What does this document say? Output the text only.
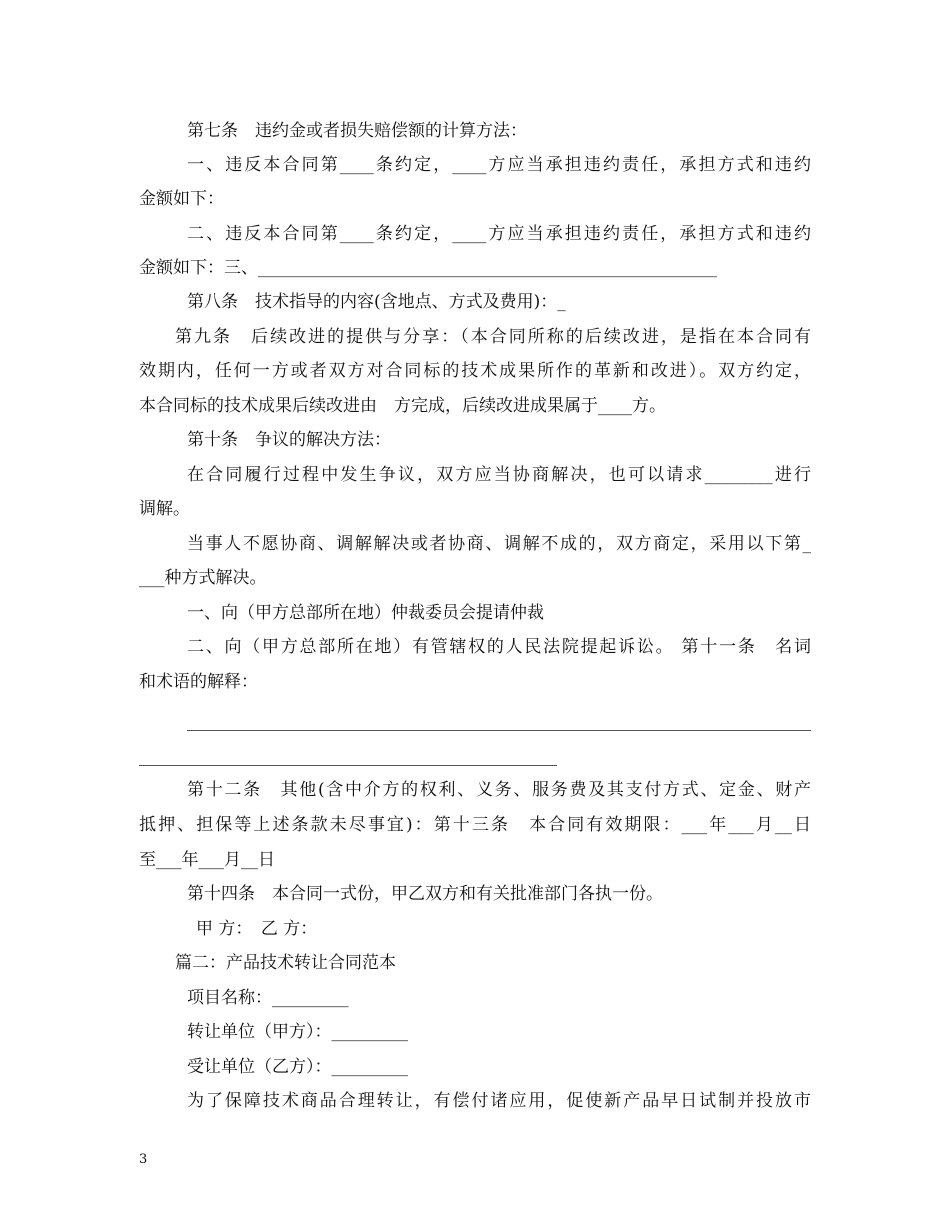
第七条　违约金或者损失赔偿额的计算方法：
一、违反本合同第____条约定，____方应当承担违约责任，承担方式和违约
金额如下：
二、违反本合同第____条约定，____方应当承担违约责任，承担方式和违约
金额如下：三、______________________________________________________
第八条　技术指导的内容(含地点、方式及费用)：_
第九条　后续改进的提供与分享：（本合同所称的后续改进，是指在本合同有
效期内，任何一方或者双方对合同标的技术成果所作的革新和改进）。双方约定，
本合同标的技术成果后续改进由　方完成，后续改进成果属于____方。
第十条　争议的解决方法：
在合同履行过程中发生争议，双方应当协商解决，也可以请求________进行
调解。
当事人不愿协商、调解解决或者协商、调解不成的，双方商定，采用以下第_
___种方式解决。
一、向（甲方总部所在地）仲裁委员会提请仲裁
二、向（甲方总部所在地）有管辖权的人民法院提起诉讼。 第十一条　名词
和术语的解释：
第十二条　其他(含中介方的权利、义务、服务费及其支付方式、定金、财产
抵押、担保等上述条款未尽事宜)：第十三条　本合同有效期限：___年___月__日
至___年___月__日
第十四条　本合同一式份，甲乙双方和有关批准部门各执一份。
甲 方：　乙 方：
篇二：产品技术转让合同范本
项目名称：_________
转让单位（甲方）：_________
受让单位（乙方）：_________
为了保障技术商品合理转让，有偿付诸应用，促使新产品早日试制并投放市
3
